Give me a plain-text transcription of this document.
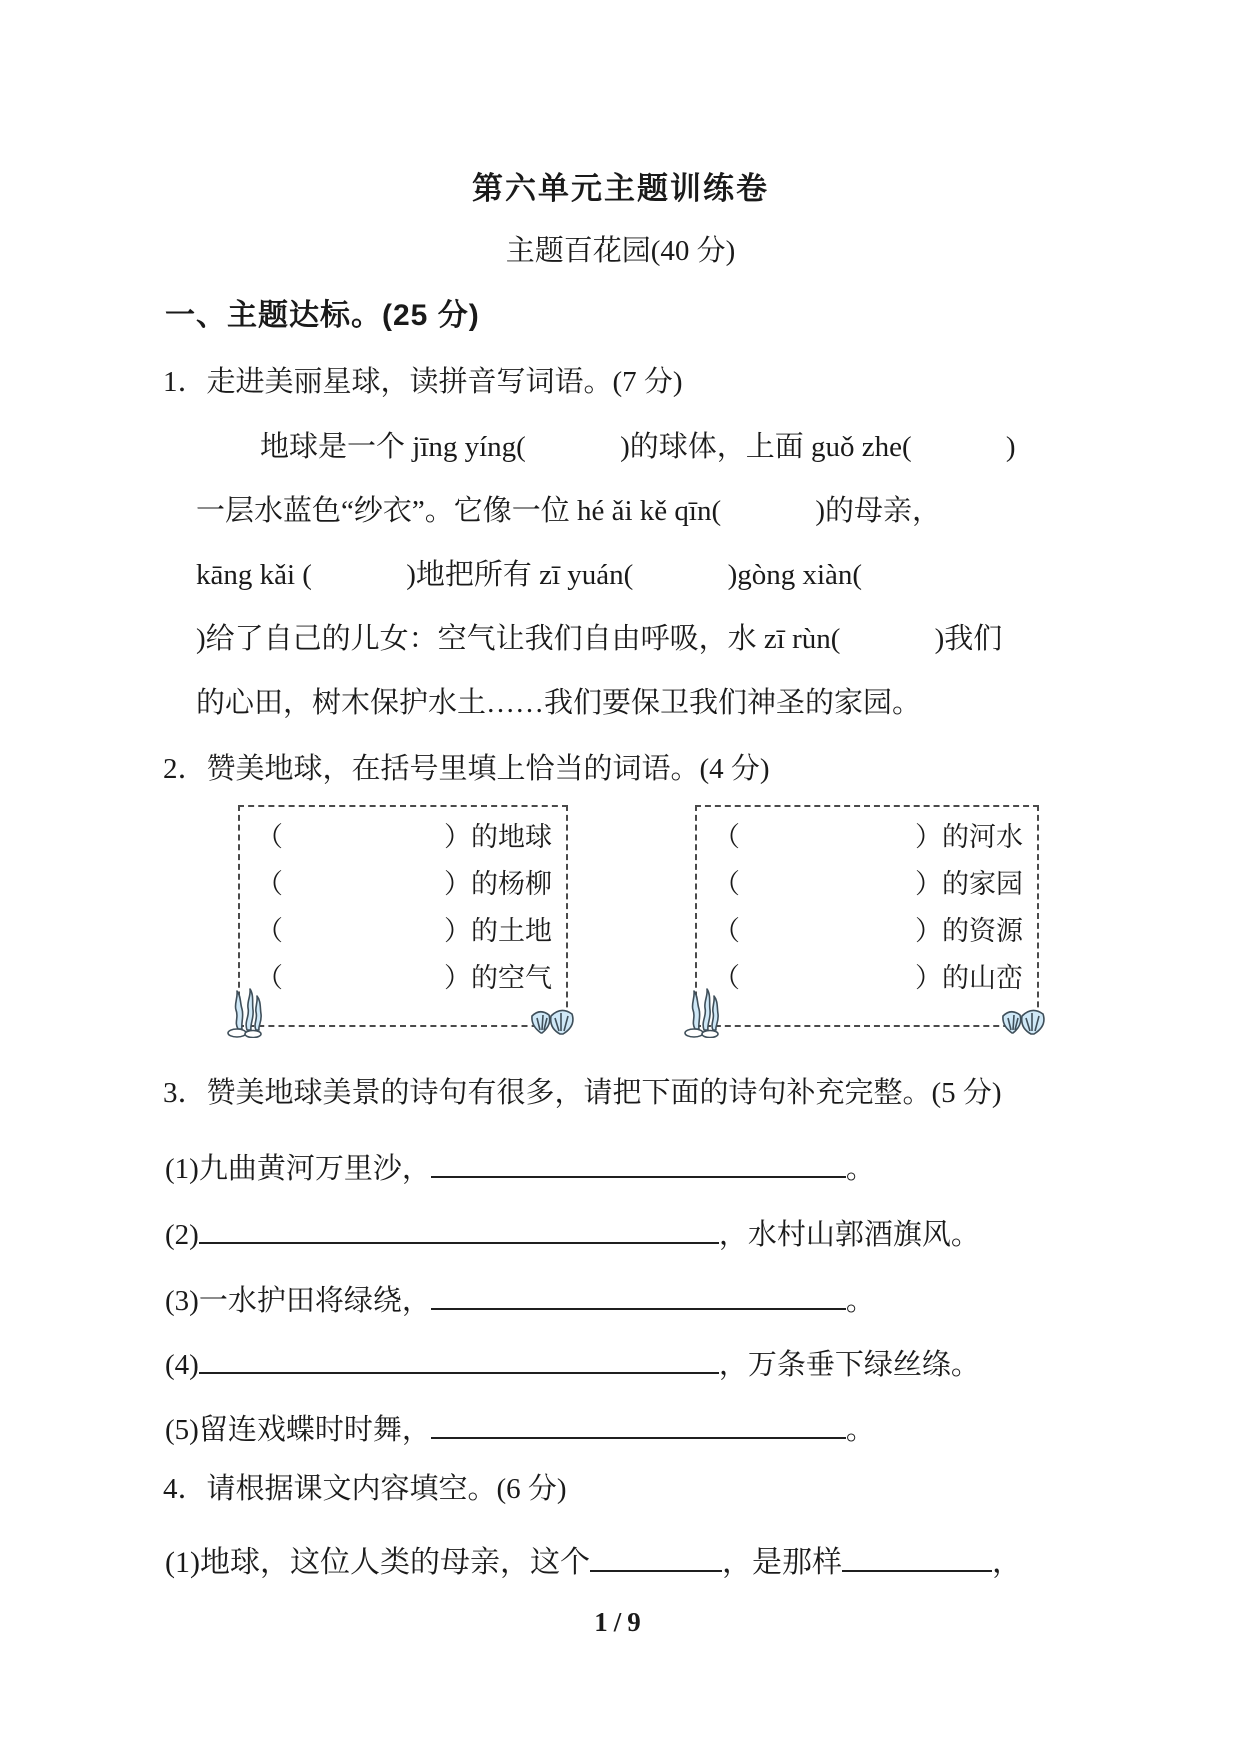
第六单元主题训练卷
主题百花园(40 分)
一、主题达标。(25 分)
1．走进美丽星球，读拼音写词语。(7 分)
地球是一个 jīng yíng(             )的球体，上面 guǒ zhe(             )
一层水蓝色“纱衣”。它像一位 hé ǎi kě qīn(             )的母亲，
kāng kǎi (             )地把所有 zī yuán(             )gòng xiàn(
)给了自己的儿女：空气让我们自由呼吸，水 zī rùn(             )我们
的心田，树木保护水土……我们要保卫我们神圣的家园。
2．赞美地球，在括号里填上恰当的词语。(4 分)
（	）的地球
（	）的杨柳
（	）的土地
（	）的空气
（	）的河水
（	）的家园
（	）的资源
（	）的山峦
3．赞美地球美景的诗句有很多，请把下面的诗句补充完整。(5 分)
(1)九曲黄河万里沙，	。
(2)	，水村山郭酒旗风。
(3)一水护田将绿绕，	。
(4)	，万条垂下绿丝绦。
(5)留连戏蝶时时舞，	。
4．请根据课文内容填空。(6 分)
(1)地球，这位人类的母亲，这个	，是那样	，
1/9
